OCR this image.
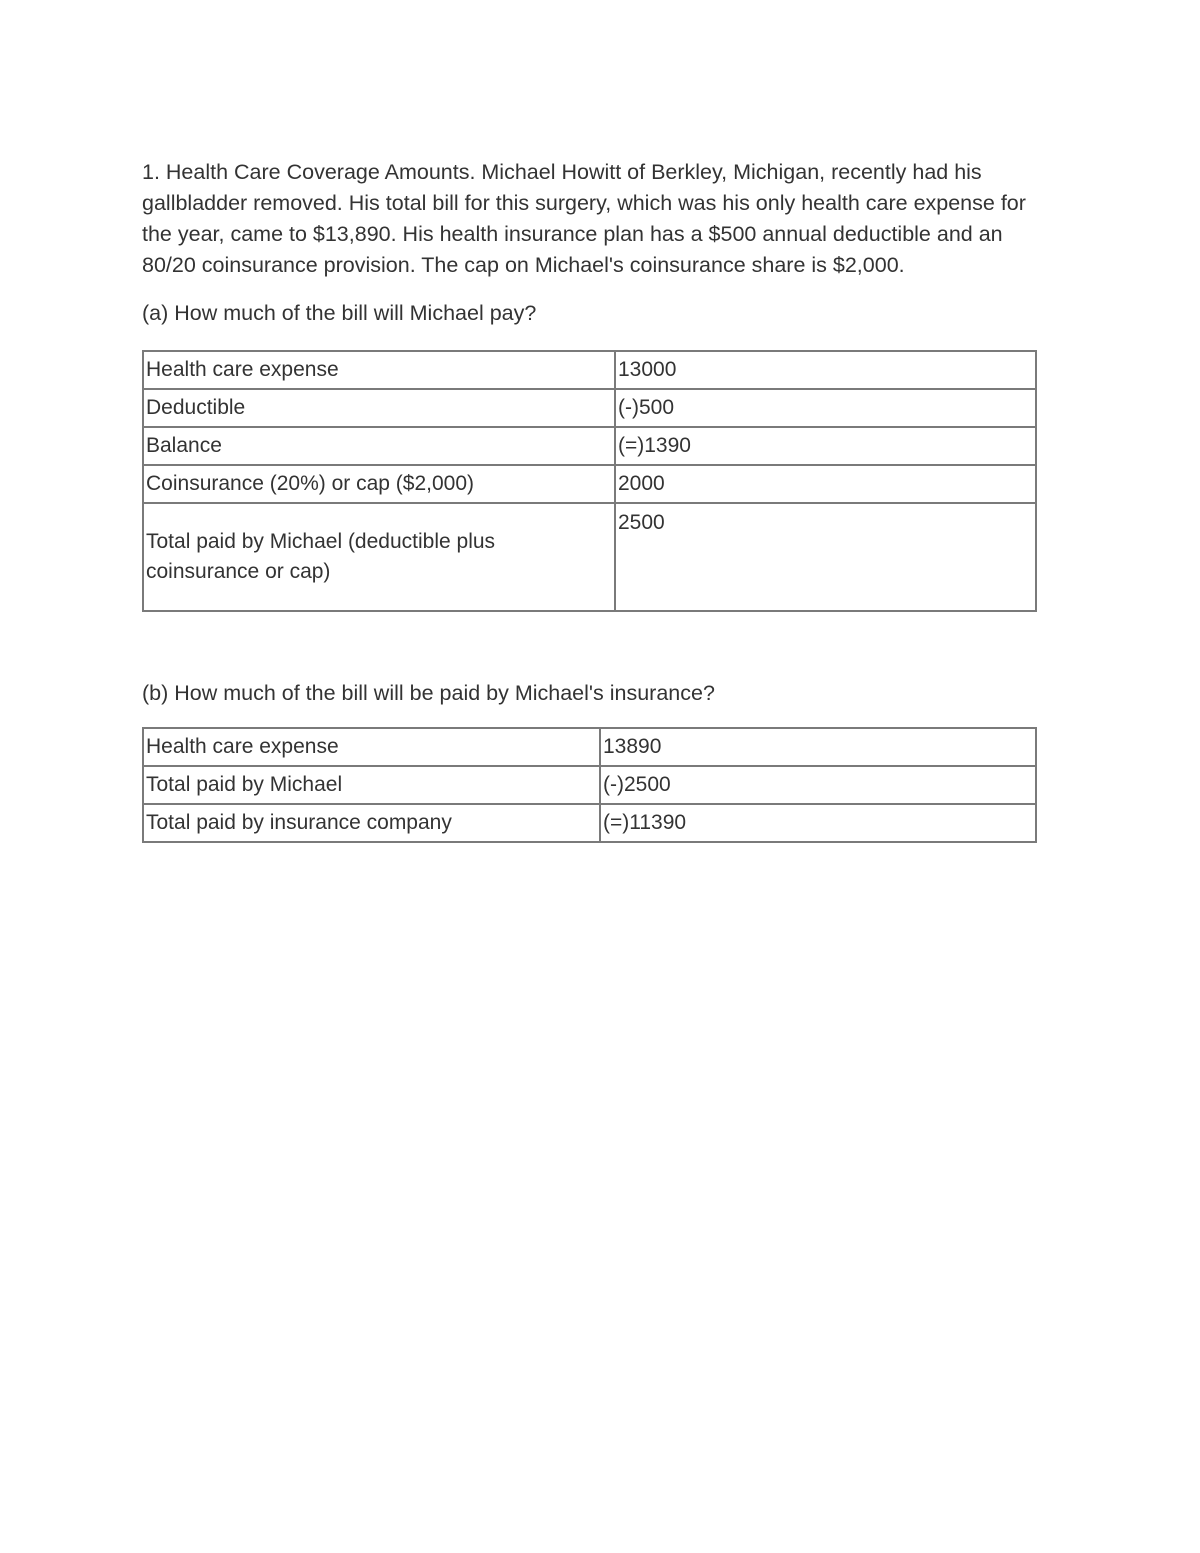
1. Health Care Coverage Amounts. Michael Howitt of Berkley, Michigan, recently had his gallbladder removed. His total bill for this surgery, which was his only health care expense for the year, came to $13,890. His health insurance plan has a $500 annual deductible and an 80/20 coinsurance provision. The cap on Michael's coinsurance share is $2,000.

(a) How much of the bill will Michael pay?

Health care expense	13000
Deductible	(-)500
Balance	(=)1390
Coinsurance (20%) or cap ($2,000)	2000
Total paid by Michael (deductible plus coinsurance or cap)	2500

(b) How much of the bill will be paid by Michael's insurance?

Health care expense	13890
Total paid by Michael	(-)2500
Total paid by insurance company	(=)11390
